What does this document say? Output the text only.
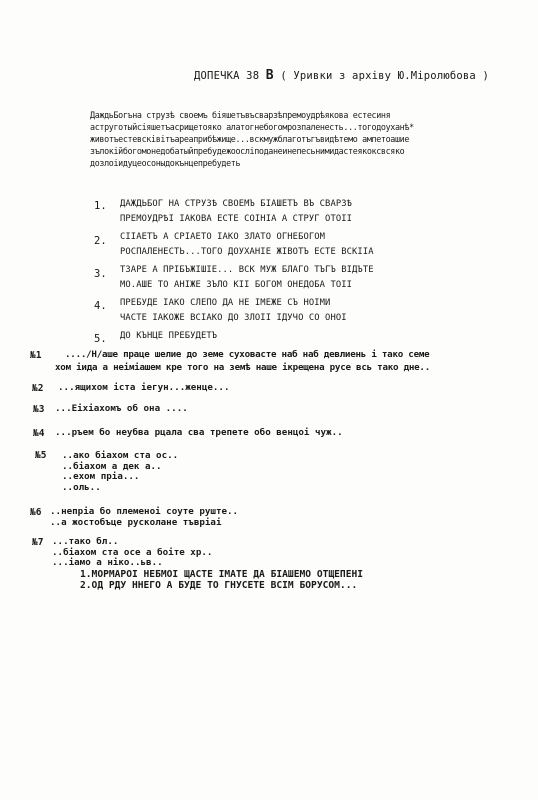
ДОПЕЧКА 38 В ( Уривки з архіву Ю.Міролюбова )
ДаждьБогъна струзѣ своемъ бiяшетъвъсварзѣпремоудрѣякова естесиня
аструготыйсiяшетъасрищетояко алатогнебогомрозпаленесть...тогодоуханѣ*
животъестевсківiтъареаприбѣжище...вскмужблаготъгъвидѣтемо ампетоашие
зълокiйбогомонедобатыйпребудежоосліподанеинепесьнимидастеякоксвсяко
дозлоiидуцеосоныдокънцепребудеть
1. ДАЖДЬБОГ НА СТРУЗѢ СВОЕМЪ БIАШЕТЪ ВЪ СВАРЗѢ
ПРЕМОУДРѢI IАКОВА ЕСТЕ СОІНІА А СТРУГ ОТОІІ
2. СІІАЕТЪ А СРІАЕТО IАКО ЗЛАТО ОГНЕБОГОМ
РОСПАЛЕНЕСТЬ...ТОГО ДОУХАНIЕ ЖIВОТЪ ЕСТЕ ВСКIIА
3. ТЗАРЕ А ПРIБЪЖIШIЕ... ВСК МУЖ БЛАГО ТЪГЪ ВIДЪТЕ
МО.АШЕ ТО АНIЖЕ ЗЪЛО КIІ БОГОМ ОНЕДОБА ТОІІ
4. ПРЕБУДЕ IАКО СЛЕПО ДА НЕ IМЕЖЕ СЪ НОIМИ
ЧАСТЕ IАКОЖЕ ВСIАКО ДО ЗЛОII IДУЧО СО ОНОI
5. ДО КЪНЦЕ ПРЕБУДЕТЪ
№1	..../Н/аше праце шелие до земе суховасте наб наб девлиень і тако семе
хом іида а неімiашем кре того на земѣ наше ікрещена русе всь тако дне..
№2 ...ящихом іста іегун...женце...
№3 ...Еіхiахомъ об она ....
№4 ...ръем бо неубва рцала сва трепете обо венцоі чуж..
№5 ..ако біахом ста ос..
..біахом а дек а..
..ехом пріа...
..оль..
№6 ..непріа бо племеноі соуте руште..
..а жостобъце русколане тъвріаі
№7 ...тако бл..
..біахом ста осе а боіте хр..
...іамо а ніко..ьв..
1.МОРМАРОІ НЕБМОІ ЩАСТЕ IМАТЕ ДА БІАШЕМО ОТЩЕПЕНІ
2.ОД РДУ ННЕГО А БУДЕ ТО ГНУСЕТЕ ВСІМ БОРУСОМ...
